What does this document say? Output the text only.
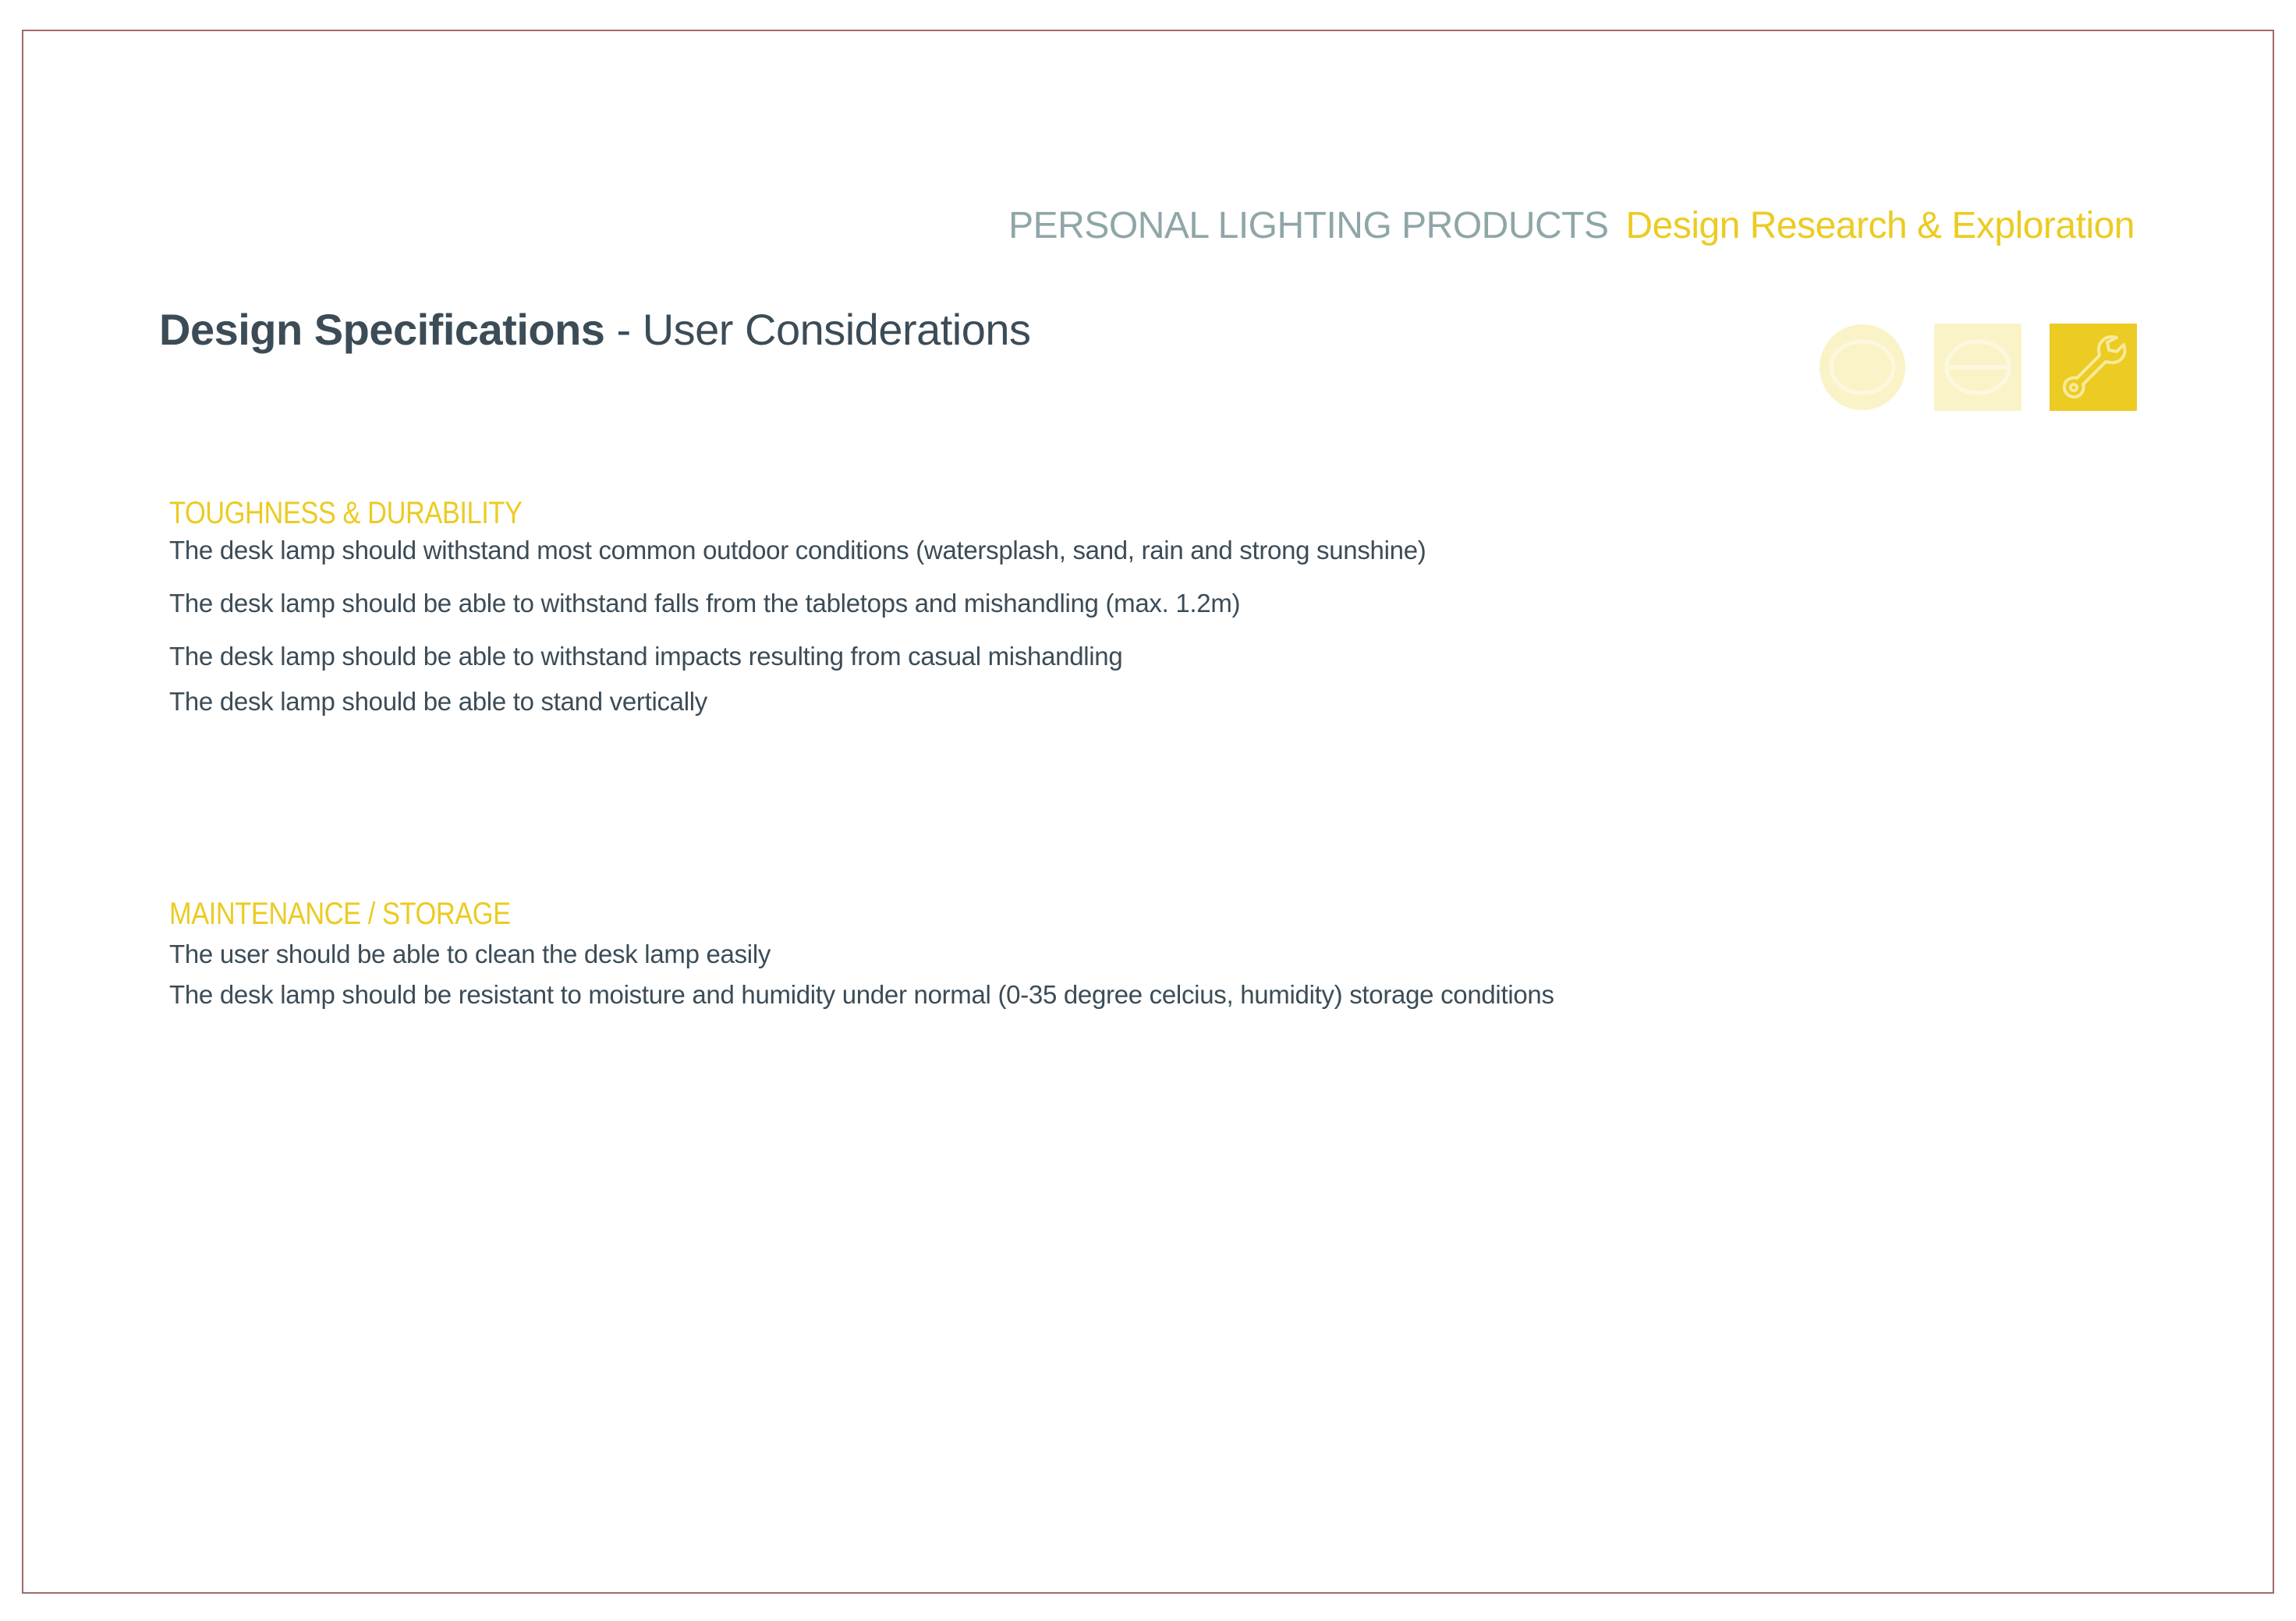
PERSONAL LIGHTING PRODUCTS Design Research & Exploration
Design Specifications - User Considerations

TOUGHNESS & DURABILITY

The desk lamp should withstand most common outdoor conditions (watersplash, sand, rain and strong sunshine)

The desk lamp should be able to withstand falls from the tabletops and mishandling (max. 1.2m)

The desk lamp should be able to withstand impacts resulting from casual mishandling

The desk lamp should be able to stand vertically

MAINTENANCE / STORAGE

The user should be able to clean the desk lamp easily

The desk lamp should be resistant to moisture and humidity under normal (0-35 degree celcius, humidity) storage conditions
